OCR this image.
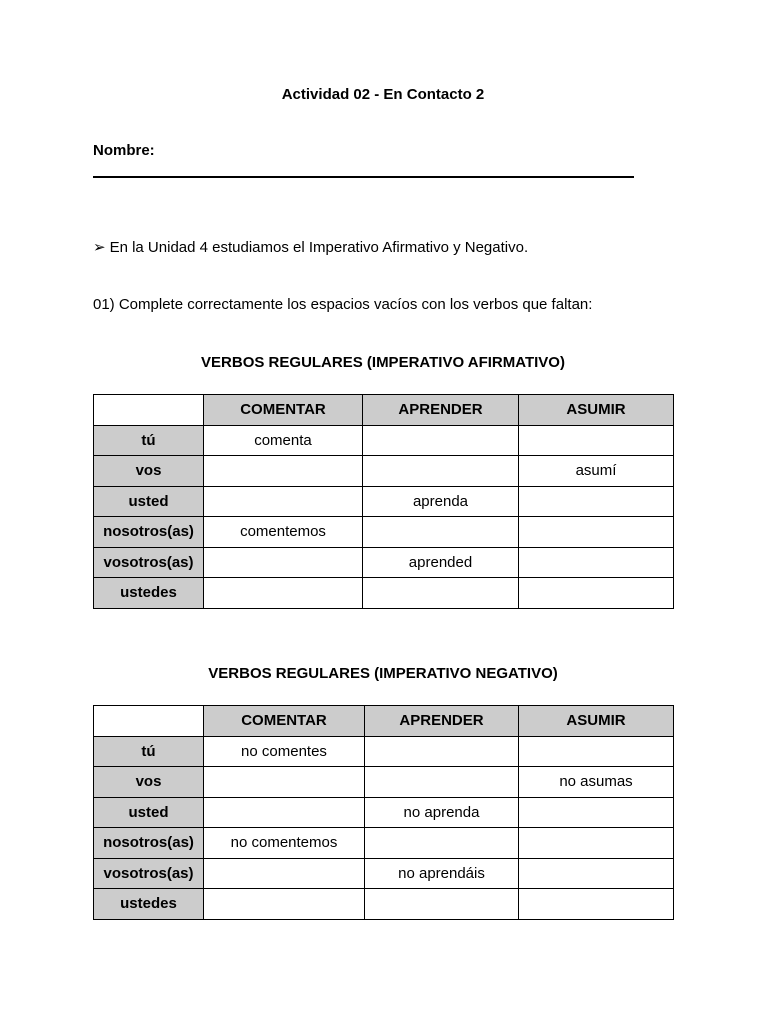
Actividad 02 - En Contacto 2
Nombre:
➢ En la Unidad 4 estudiamos el Imperativo Afirmativo y Negativo.
01) Complete correctamente los espacios vacíos con los verbos que faltan:
VERBOS REGULARES (IMPERATIVO AFIRMATIVO)
	COMENTAR	APRENDER	ASUMIR
tú	comenta		
vos			asumí
usted		aprenda	
nosotros(as)	comentemos		
vosotros(as)		aprended	
ustedes			
VERBOS REGULARES (IMPERATIVO NEGATIVO)
	COMENTAR	APRENDER	ASUMIR
tú	no comentes		
vos			no asumas
usted		no aprenda	
nosotros(as)	no comentemos		
vosotros(as)		no aprendáis	
ustedes			
